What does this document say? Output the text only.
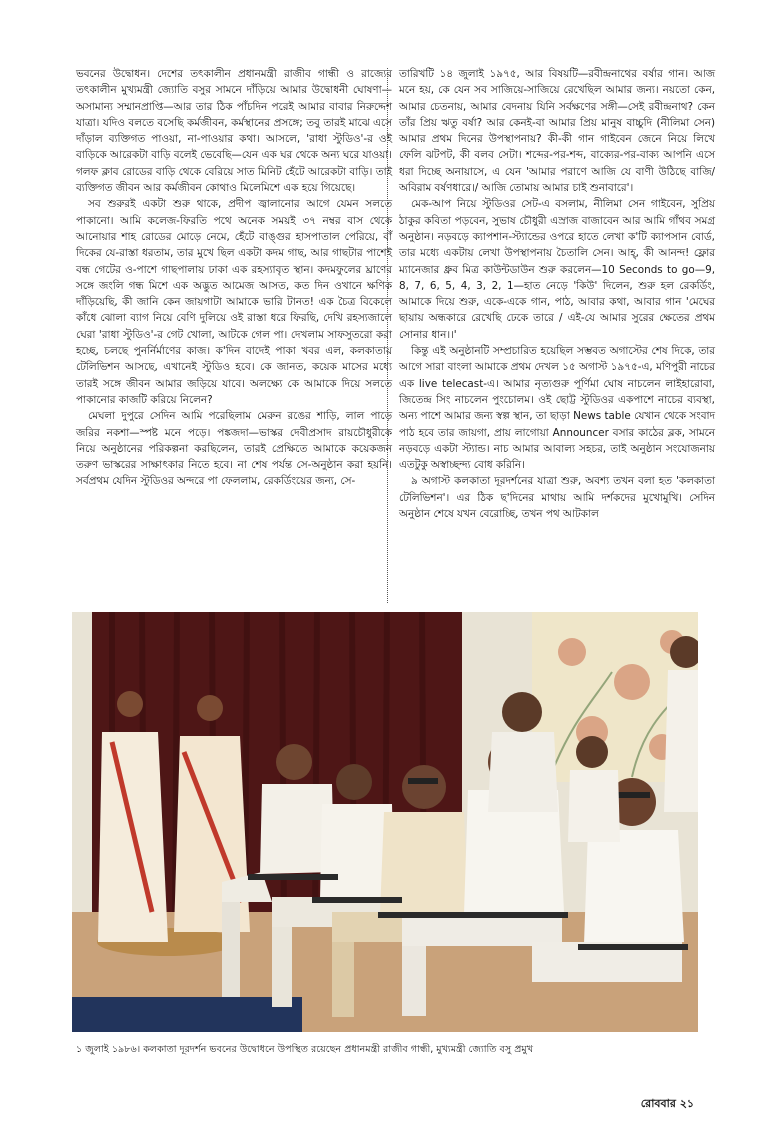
ভবনের উদ্বোধন। দেশের তৎকালীন প্রধানমন্ত্রী রাজীব গান্ধী ও রাজ্যের তৎকালীন মুখ্যমন্ত্রী জ্যোতি বসুর সামনে দাঁড়িয়ে আমার উদ্বোধনী ঘোষণা—অসামান্য সম্মানপ্রাপ্তি—আর তার ঠিক পাঁচদিন পরেই আমার বাবার নিরুদ্দেশ যাত্রা। যদিও বলতে বসেছি কর্মজীবন, কর্মস্থানের প্রসঙ্গে; তবু তারই মাঝে এসে দাঁড়াল ব্যক্তিগত পাওয়া, না-পাওয়ার কথা। আসলে, 'রাধা স্টুডিও'-র ওই বাড়িকে আরেকটা বাড়ি বলেই ভেবেছি—যেন এক ঘর থেকে অন্য ঘরে যাওয়া। গলফ ক্লাব রোডের বাড়ি থেকে বেরিয়ে সাত মিনিট হেঁটে আরেকটা বাড়ি। তাই ব্যক্তিগত জীবন আর কর্মজীবন কোথাও মিলেমিশে এক হয়ে গিয়েছে।

সব শুরুরই একটা শুরু থাকে, প্রদীপ জ্বালানোর আগে যেমন সলতে পাকানো। আমি কলেজ-ফিরতি পথে অনেক সময়ই ৩৭ নম্বর বাস থেকে আনোয়ার শাহ রোডের মোড়ে নেমে, হেঁটে বাঙ্গুর হাসপাতাল পেরিয়ে, বাঁ দিকের যে-রাস্তা ধরতাম, তার মুখে ছিল একটা কদম গাছ, আর গাছটার পাশেই বন্ধ গেটের ও-পাশে গাছপালায় ঢাকা এক রহস্যাবৃত স্থান। কদমফুলের ঘ্রাণের সঙ্গে জংলি গন্ধ মিশে এক অদ্ভুত আমেজ আসত, কত দিন ওখানে ক্ষণিক দাঁড়িয়েছি, কী জানি কেন জায়গাটা আমাকে ভারি টানত! এক চৈত্র বিকেলে কাঁধে ঝোলা ব্যাগ নিয়ে বেণি দুলিয়ে ওই রাস্তা ধরে ফিরছি, দেখি রহস্যজালে ঘেরা 'রাধা স্টুডিও'-র গেট খোলা, আটকে গেল পা। দেখলাম সাফসুতরো করা হচ্ছে, চলছে পুনর্নির্মাণের কাজ। ক'দিন বাদেই পাকা খবর এল, কলকাতায় টেলিভিশন আসছে, এখানেই স্টুডিও হবে। কে জানত, কয়েক মাসের মধ্যে তারই সঙ্গে জীবন আমার জড়িয়ে যাবে। অলক্ষ্যে কে আমাকে দিয়ে সলতে পাকানোর কাজটি করিয়ে নিলেন?

মেঘলা দুপুরে সেদিন আমি পরেছিলাম মেরুন রঙের শাড়ি, লাল পাড়ে জরির নকশা—স্পষ্ট মনে পড়ে। পঙ্কজদা—ভাস্কর দেবীপ্রসাদ রায়চৌধুরীকে নিয়ে অনুষ্ঠানের পরিকল্পনা করছিলেন, তারই প্রেক্ষিতে আমাকে কয়েকজন তরুণ ভাস্করের সাক্ষাৎকার নিতে হবে। না শেষ পর্যন্ত সে-অনুষ্ঠান করা হয়নি। সর্বপ্রথম যেদিন স্টুডিওর অন্দরে পা ফেললাম, রেকর্ডিংয়ের জন্য, সে-

তারিখটি ১৪ জুলাই ১৯৭৫, আর বিষয়টি—রবীন্দ্রনাথের বর্ষার গান। আজ মনে হয়, কে যেন সব সাজিয়ে-সাজিয়ে রেখেছিল আমার জন্য। নয়তো কেন, আমার চেতনায়, আমার বেদনায় যিনি সর্বক্ষণের সঙ্গী—সেই রবীন্দ্রনাথ? কেন তাঁর প্রিয় ঋতু বর্ষা? আর কেনই-বা আমার প্রিয় মানুষ বাচ্চুদি (নীলিমা সেন) আমার প্রথম দিনের উপস্থাপনায়? কী-কী গান গাইবেন জেনে নিয়ে লিখে ফেলি ঝটপট, কী বলব সেটা। শব্দের-পর-শব্দ, বাক্যের-পর-বাক্য আপনি এসে ধরা দিচ্ছে অনায়াসে, এ যেন 'আমার পরাণে আজি যে বাণী উঠিছে বাজি/ অবিরাম বর্ষণধারে।/ আজি তোমায় আমার চাই শুনাবারে'।

মেক-আপ নিয়ে স্টুডিওর সেট-এ বসলাম, নীলিমা সেন গাইবেন, সুপ্রিয় ঠাকুর কবিতা পড়বেন, সুভাষ চৌধুরী এস্রাজ বাজাবেন আর আমি গাঁথব সমগ্র অনুষ্ঠান। নড়বড়ে ক্যাপশান-স্ট্যান্ডের ওপরে হাতে লেখা ক'টি ক্যাপসান বোর্ড, তার মধ্যে একটায় লেখা উপস্থাপনায় চৈতালি সেন। আহ্, কী আনন্দ! ফ্লোর ম্যানেজার ধ্রুব মিত্র কাউন্টডাউন শুরু করলেন—10 Seconds to go—9, 8, 7, 6, 5, 4, 3, 2, 1—হাত নেড়ে 'কিউ' দিলেন, শুরু হল রেকর্ডিং, আমাকে দিয়ে শুরু, একে-একে গান, পাঠ, আবার কথা, আবার গান 'মেঘের ছায়ায় অন্ধকারে রেখেছি ঢেকে তারে / এই-যে আমার সুরের ক্ষেতের প্রথম সোনার ধান।।'

কিন্তু এই অনুষ্ঠানটি সম্প্রচারিত হয়েছিল সম্ভবত অগাস্টের শেষ দিকে, তার আগে সারা বাংলা আমাকে প্রথম দেখল ১৫ অগাস্ট ১৯৭৫-এ, মণিপুরী নাচের এক live telecast-এ। আমার নৃত্যগুরু পূর্ণিমা ঘোষ নাচলেন লাইহারোবা, জিতেন্দ্র সিং নাচলেন পুংচোলম। ওই ছোট্ট স্টুডিওর একপাশে নাচের ব্যবস্থা, অন্য পাশে আমার জন্য স্বল্প স্থান, তা ছাড়া News table যেখান থেকে সংবাদ পাঠ হবে তার জায়গা, প্রায় লাগোয়া Announcer বসার কাঠের ব্লক, সামনে নড়বড়ে একটা স্ট্যান্ড। নাচ আমার আবাল্য সহচর, তাই অনুষ্ঠান সংযোজনায় এতটুকু অস্বাচ্ছন্দ্য বোধ করিনি।

৯ অগাস্ট কলকাতা দূরদর্শনের যাত্রা শুরু, অবশ্য তখন বলা হত 'কলকাতা টেলিভিশন'। এর ঠিক ছ'দিনের মাথায় আমি দর্শকদের মুখোমুখি। সেদিন অনুষ্ঠান শেষে যখন বেরোচ্ছি, তখন পথ আটকাল

১ জুলাই ১৯৮৬। কলকাতা দূরদর্শন ভবনের উদ্বোধনে উপস্থিত রয়েছেন প্রধানমন্ত্রী রাজীব গান্ধী, মুখ্যমন্ত্রী জ্যোতি বসু প্রমুখ
রোববার ২১
